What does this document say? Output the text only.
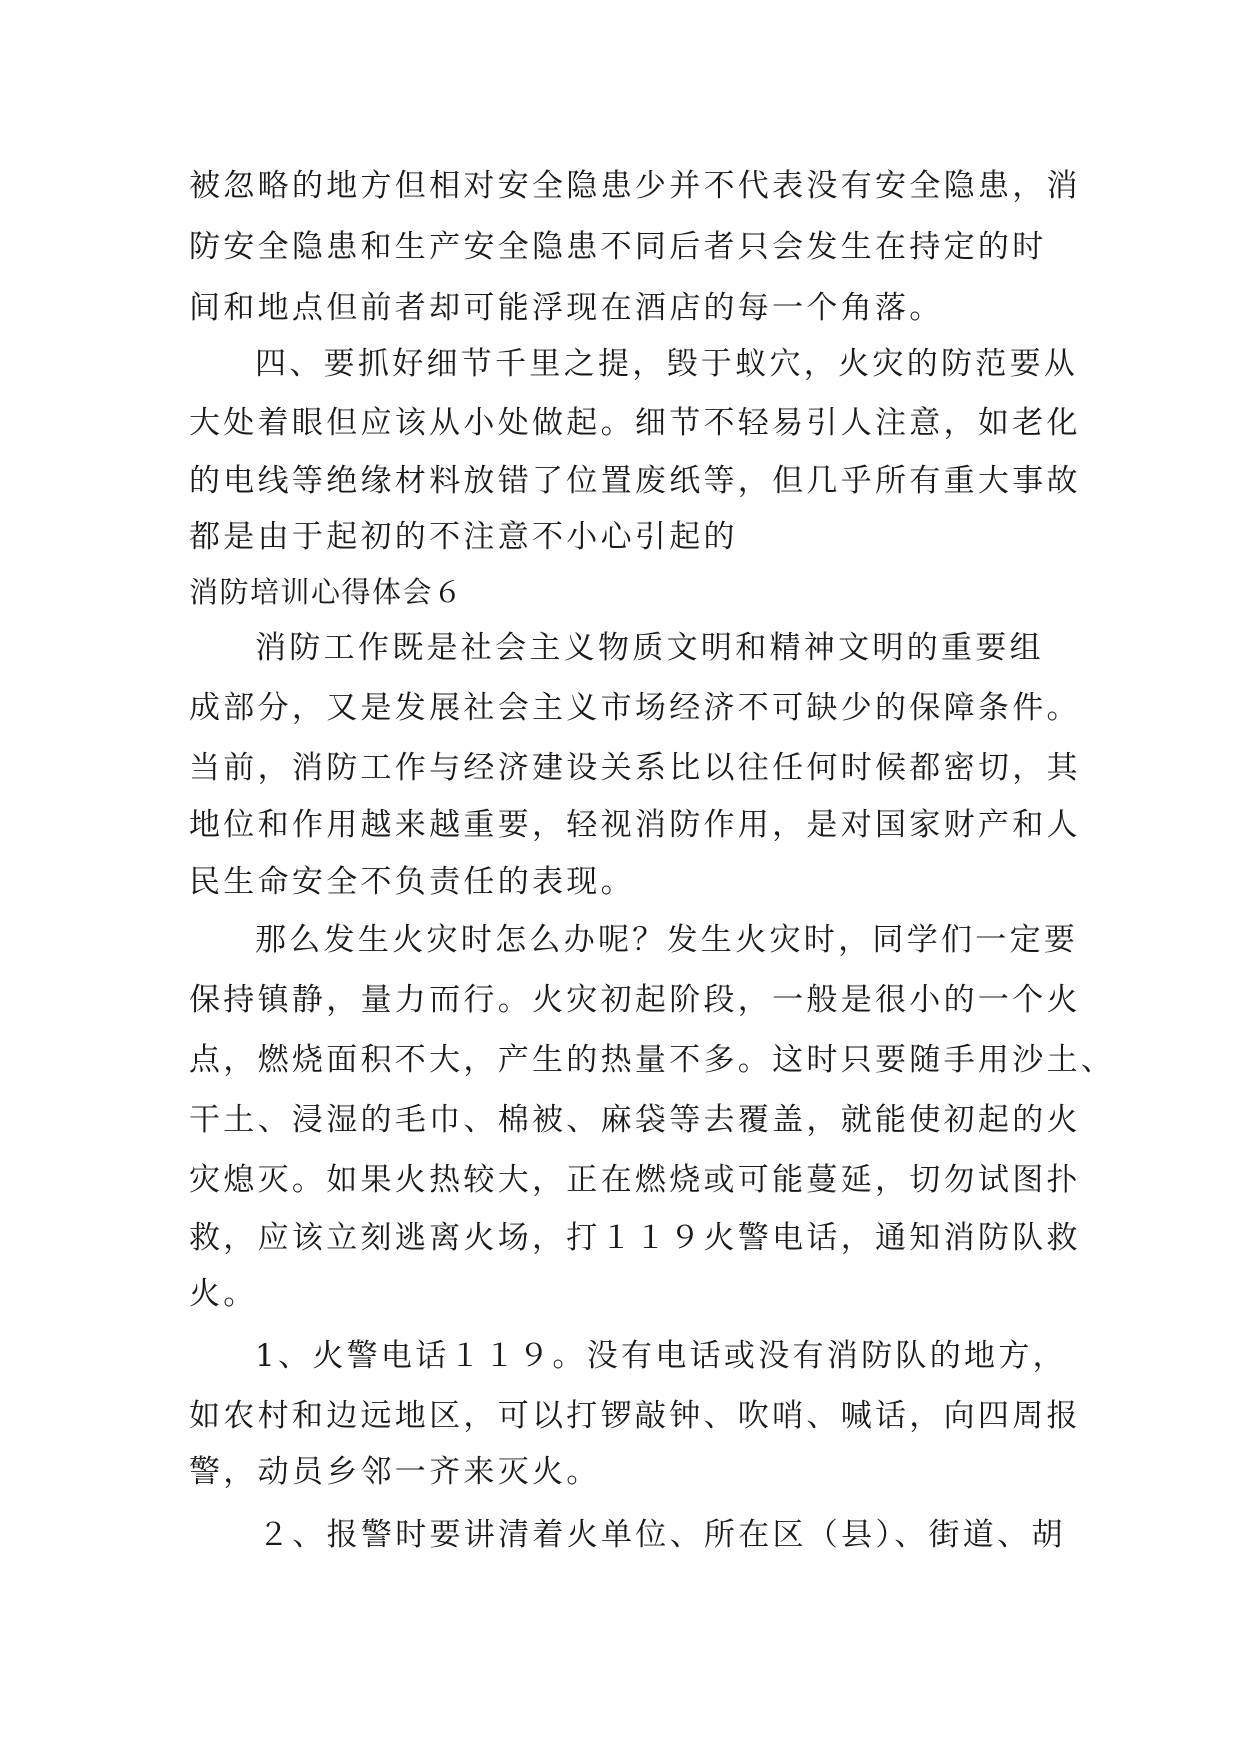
被忽略的地方但相对安全隐患少并不代表没有安全隐患，消
防安全隐患和生产安全隐患不同后者只会发生在持定的时
间和地点但前者却可能浮现在酒店的每一个角落。
四、要抓好细节千里之提，毁于蚁穴，火灾的防范要从
大处着眼但应该从小处做起。细节不轻易引人注意，如老化
的电线等绝缘材料放错了位置废纸等，但几乎所有重大事故
都是由于起初的不注意不小心引起的
消防培训心得体会６
消防工作既是社会主义物质文明和精神文明的重要组
成部分，又是发展社会主义市场经济不可缺少的保障条件。
当前，消防工作与经济建设关系比以往任何时候都密切，其
地位和作用越来越重要，轻视消防作用，是对国家财产和人
民生命安全不负责任的表现。
那么发生火灾时怎么办呢？发生火灾时，同学们一定要
保持镇静，量力而行。火灾初起阶段，一般是很小的一个火
点，燃烧面积不大，产生的热量不多。这时只要随手用沙土、
干土、浸湿的毛巾、棉被、麻袋等去覆盖，就能使初起的火
灾熄灭。如果火热较大，正在燃烧或可能蔓延，切勿试图扑
救，应该立刻逃离火场，打１１９火警电话，通知消防队救
火。
1、火警电话１１９。没有电话或没有消防队的地方，
如农村和边远地区，可以打锣敲钟、吹哨、喊话，向四周报
警，动员乡邻一齐来灭火。
２、报警时要讲清着火单位、所在区（县）、街道、胡
